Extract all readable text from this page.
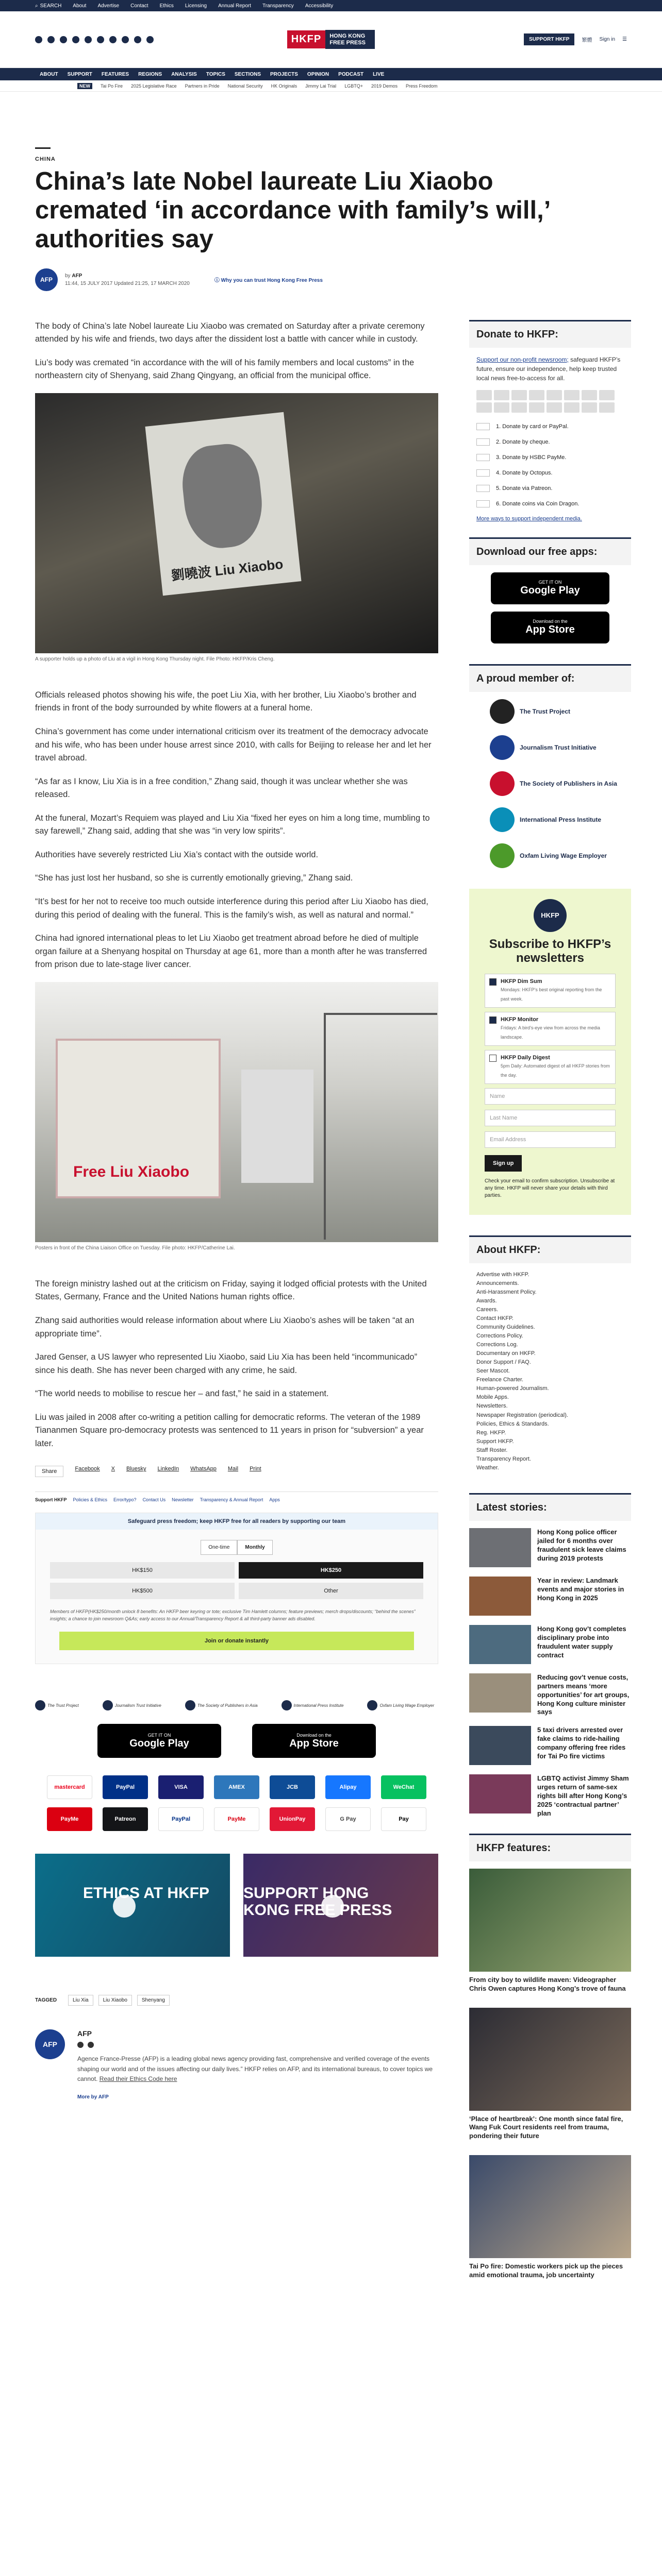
⌕ SEARCH About Advertise Contact Ethics Licensing Annual Report Transparency Accessibility
HKFP	HONG KONG FREE PRESS	SUPPORT HKFP	繁體 Sign in ☰
ABOUT	SUPPORT	FEATURES	REGIONS	ANALYSIS	TOPICS	SECTIONS	PROJECTS	OPINION	PODCAST	LIVE
NEW	Tai Po Fire 2025 Legislative Race Partners in Pride National Security HK Originals Jimmy Lai Trial LGBTQ+ 2019 Demos Press Freedom
CHINA
China’s late Nobel laureate Liu Xiaobo cremated ‘in accordance with family’s will,’ authorities say
AFP
by AFP
11:44, 15 JULY 2017 Updated 21:25, 17 MARCH 2020	ⓘ Why you can trust Hong Kong Free Press

The body of China’s late Nobel laureate Liu Xiaobo was cremated on Saturday after a private ceremony attended by his wife and friends, two days after the dissident lost a battle with cancer while in custody.

Liu’s body was cremated “in accordance with the will of his family members and local customs” in the northeastern city of Shenyang, said Zhang Qingyang, an official from the municipal office.

劉曉波 Liu Xiaobo
A supporter holds up a photo of Liu at a vigil in Hong Kong Thursday night. File Photo: HKFP/Kris Cheng.

Officials released photos showing his wife, the poet Liu Xia, with her brother, Liu Xiaobo’s brother and friends in front of the body surrounded by white flowers at a funeral home.

China’s government has come under international criticism over its treatment of the democracy advocate and his wife, who has been under house arrest since 2010, with calls for Beijing to release her and let her travel abroad.

“As far as I know, Liu Xia is in a free condition,” Zhang said, though it was unclear whether she was released.

At the funeral, Mozart’s Requiem was played and Liu Xia “fixed her eyes on him a long time, mumbling to say farewell,” Zhang said, adding that she was “in very low spirits”.

Authorities have severely restricted Liu Xia’s contact with the outside world.

“She has just lost her husband, so she is currently emotionally grieving,” Zhang said.

“It’s best for her not to receive too much outside interference during this period after Liu Xiaobo has died, during this period of dealing with the funeral. This is the family’s wish, as well as natural and normal.”

China had ignored international pleas to let Liu Xiaobo get treatment abroad before he died of multiple organ failure at a Shenyang hospital on Thursday at age 61, more than a month after he was transferred from prison due to late-stage liver cancer.

Free Liu Xiaobo
Posters in front of the China Liaison Office on Tuesday. File photo: HKFP/Catherine Lai.

The foreign ministry lashed out at the criticism on Friday, saying it lodged official protests with the United States, Germany, France and the United Nations human rights office.

Zhang said authorities would release information about where Liu Xiaobo’s ashes will be taken “at an appropriate time”.

Jared Genser, a US lawyer who represented Liu Xiaobo, said Liu Xia has been held “incommunicado” since his death. She has never been charged with any crime, he said.

“The world needs to mobilise to rescue her – and fast,” he said in a statement.

Liu was jailed in 2008 after co-writing a petition calling for democratic reforms. The veteran of the 1989 Tiananmen Square pro-democracy protests was sentenced to 11 years in prison for “subversion” a year later.

Share	Facebook X Bluesky LinkedIn WhatsApp Mail Print
Support HKFP Policies & Ethics Error/typo? Contact Us Newsletter Transparency & Annual Report Apps
Safeguard press freedom; keep HKFP free for all readers by supporting our team
One-time	Monthly
HK$150	HK$250
HK$500	Other
Members of HKFP(HK$250/month unlock 8 benefits: An HKFP beer keyring or tote; exclusive Tim Hamlett columns; feature previews; merch drops/discounts; “behind the scenes” insights; a chance to join newsroom Q&As; early access to our Annual/Transparency Report & all third-party banner ads disabled.
Join or donate instantly
The Trust Project	Journalism Trust Initiative	The Society of Publishers in Asia	International Press Institute	Oxfam Living Wage Employer
GET IT ON
Google Play
Download on the
App Store
mastercard	PayPal	VISA	AMEX	JCB	Alipay	WeChat
PayMe	Patreon	PayPal	PayMe	UnionPay	G Pay	Pay
ETHICS AT HKFP SUPPORT HONG KONG FREE PRESS
TAGGED	Liu Xia	Liu Xiaobo	Shenyang
AFP
AFP

Agence France-Presse (AFP) is a leading global news agency providing fast, comprehensive and verified coverage of the events shaping our world and of the issues affecting our daily lives.” HKFP relies on AFP, and its international bureaus, to cover topics we cannot. Read their Ethics Code here

More by AFP
Donate to HKFP:
Support our non-profit newsroom; safeguard HKFP’s future, ensure our independence, help keep trusted local news free-to-access for all.
1. Donate by card or PayPal.
2. Donate by cheque.
3. Donate by HSBC PayMe.
4. Donate by Octopus.
5. Donate via Patreon.
6. Donate coins via Coin Dragon.
More ways to support independent media.
Download our free apps:
GET IT ON
Google Play
Download on the
App Store
A proud member of:
The Trust Project
Journalism Trust Initiative
The Society of Publishers in Asia
International Press Institute
Oxfam Living Wage Employer
HKFP
Subscribe to HKFP’s newsletters
HKFP Dim Sum
Mondays: HKFP’s best original reporting from the past week.
HKFP Monitor
Fridays: A bird’s-eye view from across the media landscape.
HKFP Daily Digest
5pm Daily: Automated digest of all HKFP stories from the day.
Name
Last Name
Email Address
Sign up
Check your email to confirm subscription. Unsubscribe at any time. HKFP will never share your details with third parties.
About HKFP:
Advertise with HKFP.
Announcements.
Anti-Harassment Policy.
Awards.
Careers.
Contact HKFP.
Community Guidelines.
Corrections Policy.
Corrections Log.
Documentary on HKFP.
Donor Support / FAQ.
Seer Mascot.
Freelance Charter.
Human-powered Journalism.
Mobile Apps.
Newsletters.
Newspaper Registration (periodical).
Policies, Ethics & Standards.
Reg. HKFP.
Support HKFP.
Staff Roster.
Transparency Report.
Weather.
Latest stories:
Hong Kong police officer jailed for 6 months over fraudulent sick leave claims during 2019 protests
Year in review: Landmark events and major stories in Hong Kong in 2025
Hong Kong gov’t completes disciplinary probe into fraudulent water supply contract
Reducing gov’t venue costs, partners means ‘more opportunities’ for art groups, Hong Kong culture minister says
5 taxi drivers arrested over fake claims to ride-hailing company offering free rides for Tai Po fire victims
LGBTQ activist Jimmy Sham urges return of same-sex rights bill after Hong Kong’s 2025 ‘contractual partner’ plan
HKFP features:
From city boy to wildlife maven: Videographer Chris Owen captures Hong Kong’s trove of fauna
‘Place of heartbreak’: One month since fatal fire, Wang Fuk Court residents reel from trauma, pondering their future
Tai Po fire: Domestic workers pick up the pieces amid emotional trauma, job uncertainty
